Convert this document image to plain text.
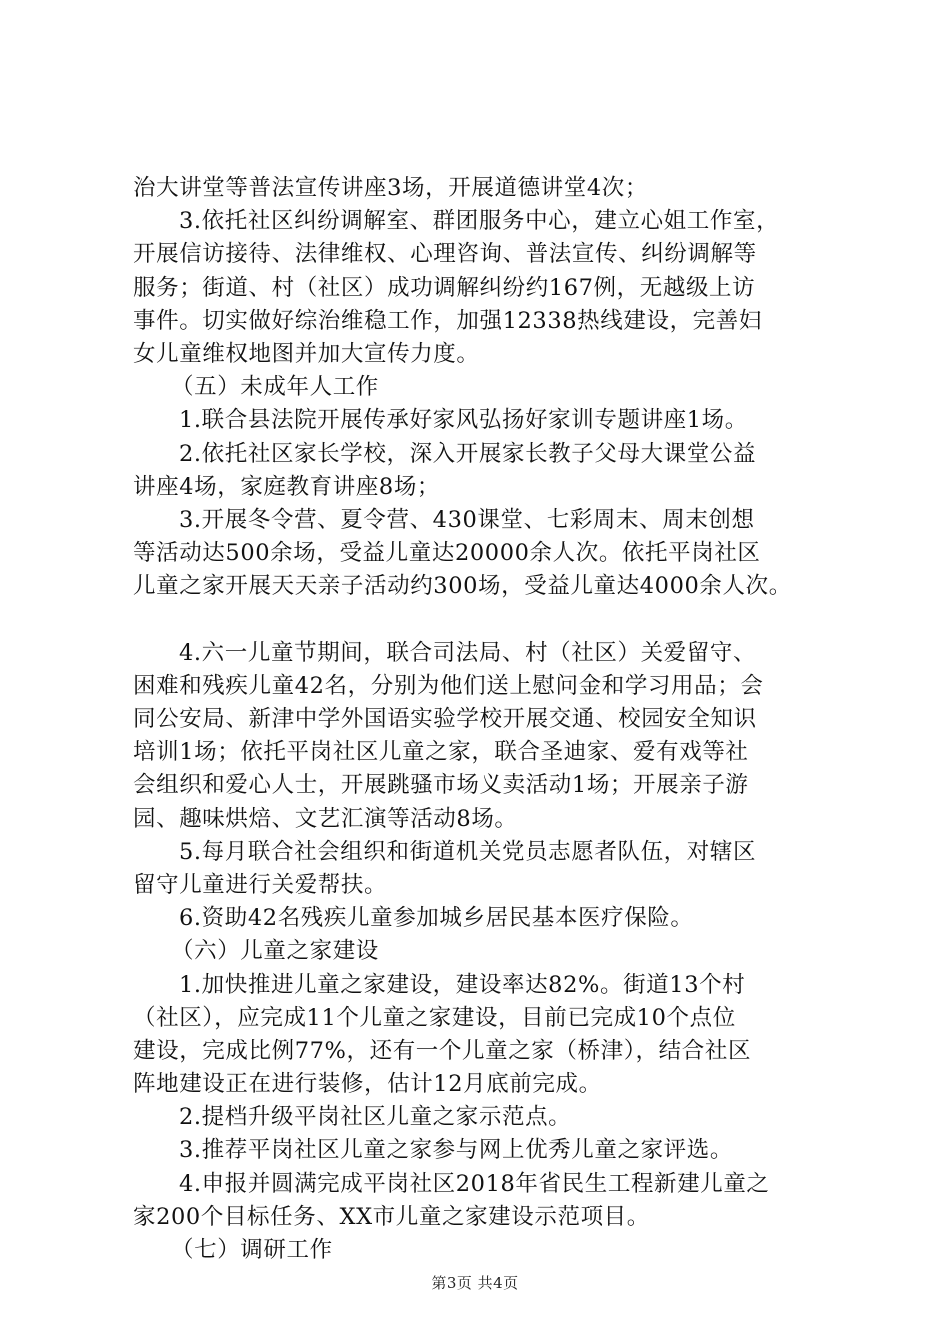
治大讲堂等普法宣传讲座3场，开展道德讲堂4次；
3.依托社区纠纷调解室、群团服务中心，建立心姐工作室，
开展信访接待、法律维权、心理咨询、普法宣传、纠纷调解等
服务；街道、村（社区）成功调解纠纷约167例，无越级上访
事件。切实做好综治维稳工作，加强12338热线建设，完善妇
女儿童维权地图并加大宣传力度。
（五）未成年人工作
1.联合县法院开展传承好家风弘扬好家训专题讲座1场。
2.依托社区家长学校，深入开展家长教子父母大课堂公益
讲座4场，家庭教育讲座8场；
3.开展冬令营、夏令营、430课堂、七彩周末、周末创想
等活动达500余场，受益儿童达20000余人次。依托平岗社区
儿童之家开展天天亲子活动约300场，受益儿童达4000余人次。
4.六一儿童节期间，联合司法局、村（社区）关爱留守、
困难和残疾儿童42名，分别为他们送上慰问金和学习用品；会
同公安局、新津中学外国语实验学校开展交通、校园安全知识
培训1场；依托平岗社区儿童之家，联合圣迪家、爱有戏等社
会组织和爱心人士，开展跳骚市场义卖活动1场；开展亲子游
园、趣味烘焙、文艺汇演等活动8场。
5.每月联合社会组织和街道机关党员志愿者队伍，对辖区
留守儿童进行关爱帮扶。
6.资助42名残疾儿童参加城乡居民基本医疗保险。
（六）儿童之家建设
1.加快推进儿童之家建设，建设率达82%。街道13个村
（社区），应完成11个儿童之家建设，目前已完成10个点位
建设，完成比例77%，还有一个儿童之家（桥津），结合社区
阵地建设正在进行装修，估计12月底前完成。
2.提档升级平岗社区儿童之家示范点。
3.推荐平岗社区儿童之家参与网上优秀儿童之家评选。
4.申报并圆满完成平岗社区2018年省民生工程新建儿童之
家200个目标任务、XX市儿童之家建设示范项目。
（七）调研工作
第3页 共4页
